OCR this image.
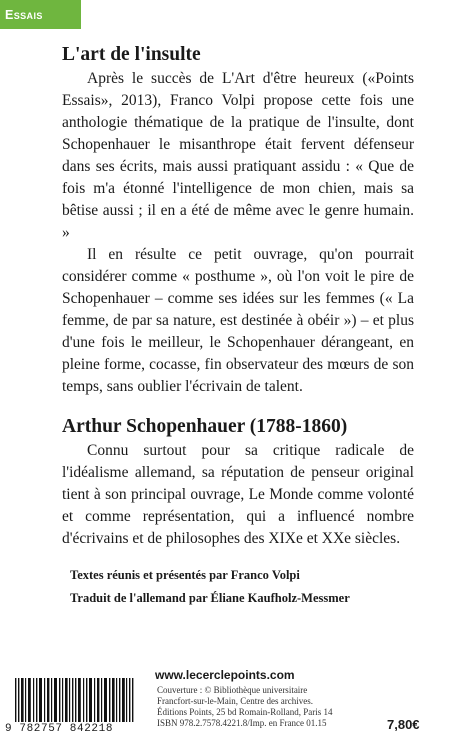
Essais
L'art de l'insulte

Après le succès de L'Art d'être heureux («Points Essais», 2013), Franco Volpi propose cette fois une anthologie thématique de la pratique de l'insulte, dont Schopenhauer le misanthrope était fervent défenseur dans ses écrits, mais aussi pratiquant assidu : « Que de fois m'a étonné l'intelligence de mon chien, mais sa bêtise aussi ; il en a été de même avec le genre humain. »

Il en résulte ce petit ouvrage, qu'on pourrait considérer comme « posthume », où l'on voit le pire de Schopenhauer – comme ses idées sur les femmes (« La femme, de par sa nature, est destinée à obéir ») – et plus d'une fois le meilleur, le Schopenhauer dérangeant, en pleine forme, cocasse, fin observateur des mœurs de son temps, sans oublier l'écrivain de talent.

Arthur Schopenhauer (1788-1860)

Connu surtout pour sa critique radicale de l'idéalisme allemand, sa réputation de penseur original tient à son principal ouvrage, Le Monde comme volonté et comme représentation, qui a influencé nombre d'écrivains et de philosophes des XIXe et XXe siècles.

Textes réunis et présentés par Franco Volpi
Traduit de l'allemand par Éliane Kaufholz-Messmer
9 782757 842218
www.lecerclepoints.com
Couverture : © Bibliothèque universitaire
Francfort-sur-le-Main, Centre des archives.
Éditions Points, 25 bd Romain-Rolland, Paris 14
ISBN 978.2.7578.4221.8/Imp. en France 01.15	7,80€
